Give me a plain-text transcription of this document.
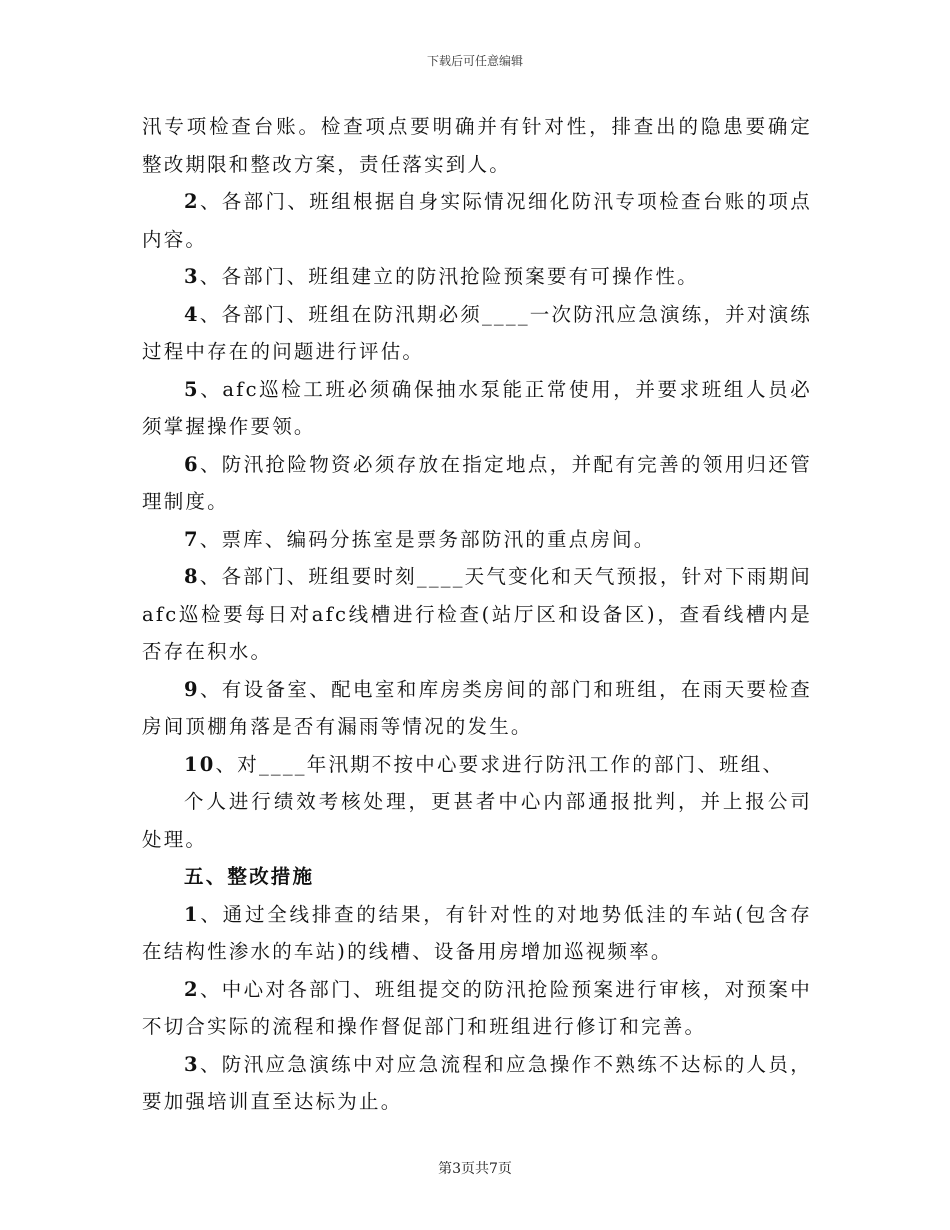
下载后可任意编辑

汛专项检查台账。检查项点要明确并有针对性，排查出的隐患要确定整改期限和整改方案，责任落实到人。

2、各部门、班组根据自身实际情况细化防汛专项检查台账的项点内容。

3、各部门、班组建立的防汛抢险预案要有可操作性。

4、各部门、班组在防汛期必须____一次防汛应急演练，并对演练过程中存在的问题进行评估。

5、afc巡检工班必须确保抽水泵能正常使用，并要求班组人员必须掌握操作要领。

6、防汛抢险物资必须存放在指定地点，并配有完善的领用归还管理制度。

7、票库、编码分拣室是票务部防汛的重点房间。

8、各部门、班组要时刻____天气变化和天气预报，针对下雨期间afc巡检要每日对afc线槽进行检查(站厅区和设备区)，查看线槽内是否存在积水。

9、有设备室、配电室和库房类房间的部门和班组，在雨天要检查房间顶棚角落是否有漏雨等情况的发生。

10、对____年汛期不按中心要求进行防汛工作的部门、班组、

个人进行绩效考核处理，更甚者中心内部通报批判，并上报公司处理。

五、整改措施

1、通过全线排查的结果，有针对性的对地势低洼的车站(包含存在结构性渗水的车站)的线槽、设备用房增加巡视频率。

2、中心对各部门、班组提交的防汛抢险预案进行审核，对预案中不切合实际的流程和操作督促部门和班组进行修订和完善。

3、防汛应急演练中对应急流程和应急操作不熟练不达标的人员，要加强培训直至达标为止。

第3页共7页
